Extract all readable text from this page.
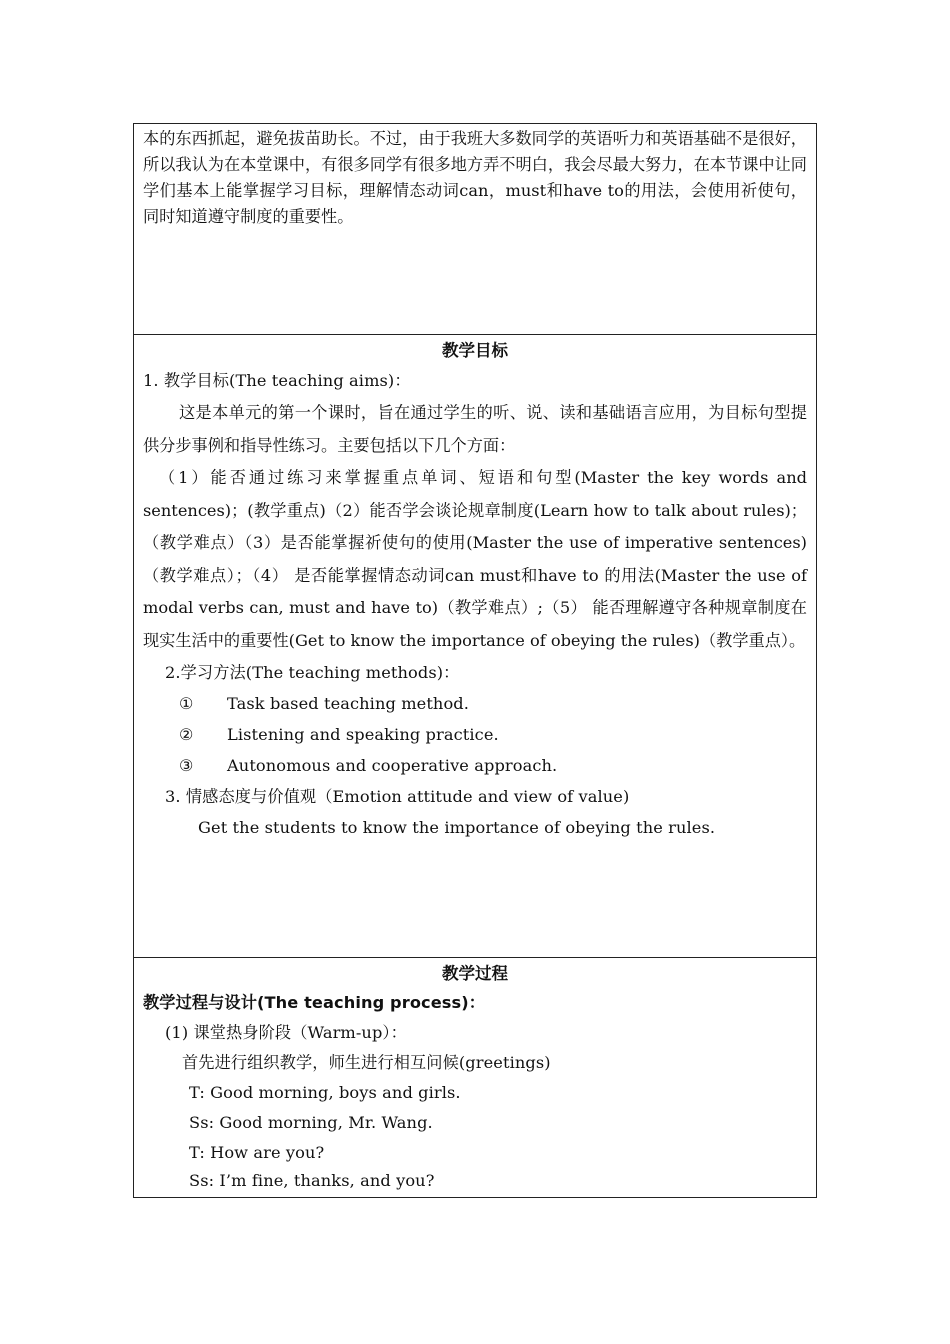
本的东西抓起，避免拔苗助长。不过，由于我班大多数同学的英语听力和英语基础不是很好，所以我认为在本堂课中，有很多同学有很多地方弄不明白，我会尽最大努力，在本节课中让同学们基本上能掌握学习目标，理解情态动词can，must和have to的用法，会使用祈使句，同时知道遵守制度的重要性。

教学目标

1. 教学目标(The teaching aims)：

这是本单元的第一个课时，旨在通过学生的听、说、读和基础语言应用，为目标句型提供分步事例和指导性练习。主要包括以下几个方面：

（1）能否通过练习来掌握重点单词、短语和句型(Master the key words and sentences)；(教学重点)（2）能否学会谈论规章制度(Learn how to talk about rules)；（教学难点）（3）是否能掌握祈使句的使用(Master the use of imperative sentences)（教学难点）；（4） 是否能掌握情态动词can must和have to 的用法(Master the use of modal verbs can, must and have to)（教学难点）;（5） 能否理解遵守各种规章制度在现实生活中的重要性(Get to know the importance of obeying the rules)（教学重点）。

2.学习方法(The teaching methods)：

① Task based teaching method.

② Listening and speaking practice.

③ Autonomous and cooperative approach.

3. 情感态度与价值观（Emotion attitude and view of value)

Get the students to know the importance of obeying the rules.

教学过程

教学过程与设计(The teaching process)：

(1) 课堂热身阶段（Warm-up）：

首先进行组织教学，师生进行相互问候(greetings)

T: Good morning, boys and girls.

Ss: Good morning, Mr. Wang.

T: How are you?

Ss: I’m fine, thanks, and you?
